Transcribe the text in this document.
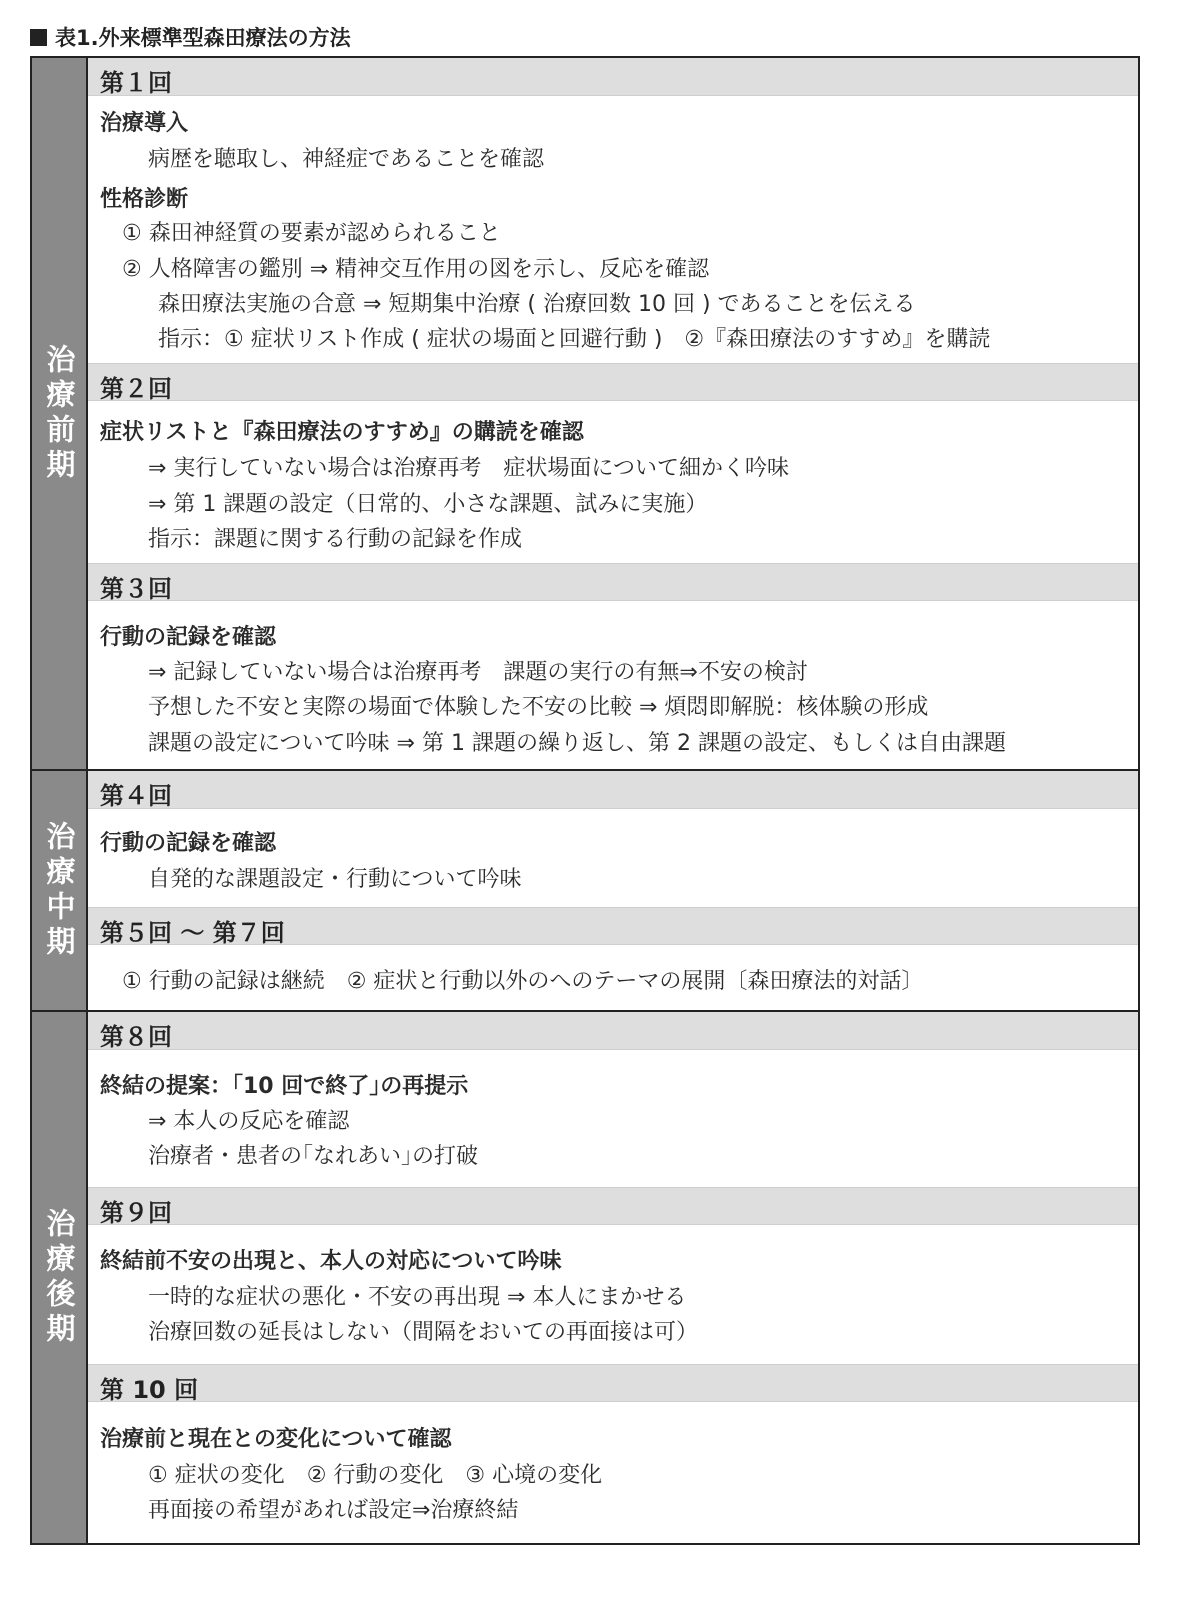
表1.外来標準型森田療法の方法
治療前期
第１回
治療導入
病歴を聴取し、神経症であることを確認
性格診断
① 森田神経質の要素が認められること
② 人格障害の鑑別 ⇒ 精神交互作用の図を示し、反応を確認
森田療法実施の合意 ⇒ 短期集中治療 ( 治療回数 10 回 ) であることを伝える
指示：① 症状リスト作成 ( 症状の場面と回避行動 )　②『森田療法のすすめ』を購読
第２回
症状リストと『森田療法のすすめ』の購読を確認
⇒ 実行していない場合は治療再考　症状場面について細かく吟味
⇒ 第 1 課題の設定（日常的、小さな課題、試みに実施）
指示：課題に関する行動の記録を作成
第３回
行動の記録を確認
⇒ 記録していない場合は治療再考　課題の実行の有無⇒不安の検討
予想した不安と実際の場面で体験した不安の比較 ⇒ 煩悶即解脱：核体験の形成
課題の設定について吟味 ⇒ 第 1 課題の繰り返し、第 2 課題の設定、もしくは自由課題
治療中期
第４回
行動の記録を確認
自発的な課題設定・行動について吟味
第５回 〜 第７回
① 行動の記録は継続　② 症状と行動以外のへのテーマの展開〔森田療法的対話〕
治療後期
第８回
終結の提案：｢10 回で終了｣の再提示
⇒ 本人の反応を確認
治療者・患者の｢なれあい｣の打破
第９回
終結前不安の出現と、本人の対応について吟味
一時的な症状の悪化・不安の再出現 ⇒ 本人にまかせる
治療回数の延長はしない（間隔をおいての再面接は可）
第 10 回
治療前と現在との変化について確認
① 症状の変化　② 行動の変化　③ 心境の変化
再面接の希望があれば設定⇒治療終結
